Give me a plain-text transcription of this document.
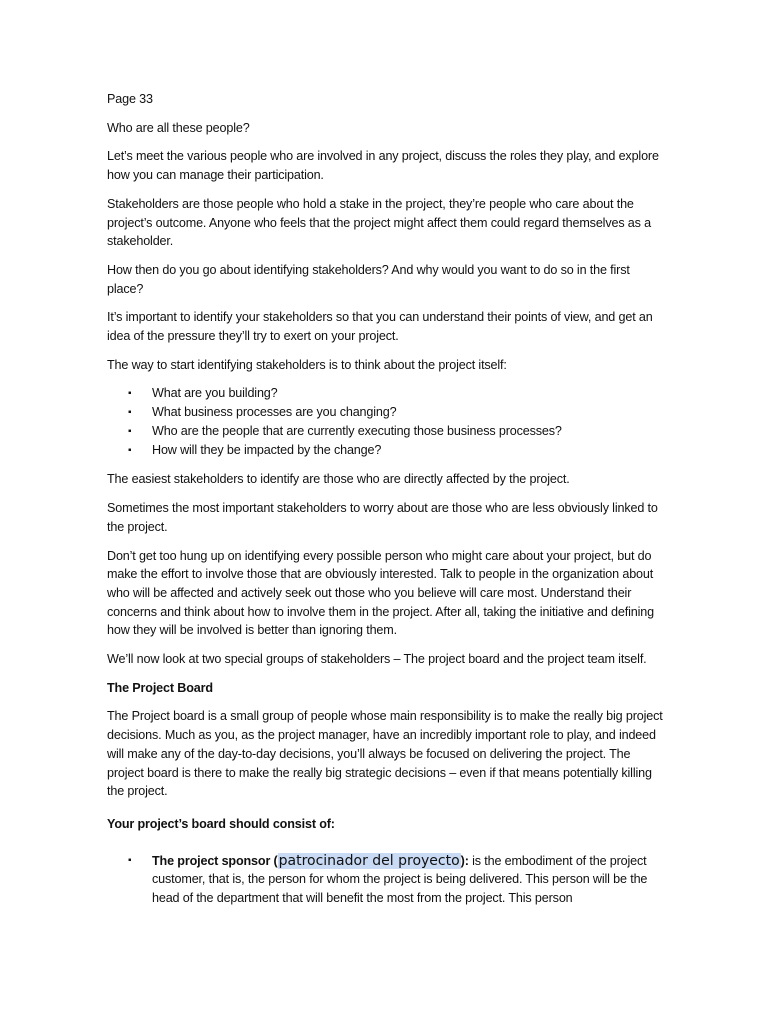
Page 33

Who are all these people?

Let’s meet the various people who are involved in any project, discuss the roles they play, and explore how you can manage their participation.

Stakeholders are those people who hold a stake in the project, they’re people who care about the project’s outcome. Anyone who feels that the project might affect them could regard themselves as a stakeholder.

How then do you go about identifying stakeholders? And why would you want to do so in the first place?

It’s important to identify your stakeholders so that you can understand their points of view, and get an idea of the pressure they’ll try to exert on your project.

The way to start identifying stakeholders is to think about the project itself:

▪ What are you building?
▪ What business processes are you changing?
▪ Who are the people that are currently executing those business processes?
▪ How will they be impacted by the change?

The easiest stakeholders to identify are those who are directly affected by the project.

Sometimes the most important stakeholders to worry about are those who are less obviously linked to the project.

Don’t get too hung up on identifying every possible person who might care about your project, but do make the effort to involve those that are obviously interested. Talk to people in the organization about who will be affected and actively seek out those who you believe will care most. Understand their concerns and think about how to involve them in the project. After all, taking the initiative and defining how they will be involved is better than ignoring them.

We’ll now look at two special groups of stakeholders – The project board and the project team itself.

The Project Board

The Project board is a small group of people whose main responsibility is to make the really big project decisions. Much as you, as the project manager, have an incredibly important role to play, and indeed will make any of the day-to-day decisions, you’ll always be focused on delivering the project. The project board is there to make the really big strategic decisions – even if that means potentially killing the project.

Your project’s board should consist of:

▪ The project sponsor (patrocinador del proyecto): is the embodiment of the project customer, that is, the person for whom the project is being delivered. This person will be the head of the department that will benefit the most from the project. This person
